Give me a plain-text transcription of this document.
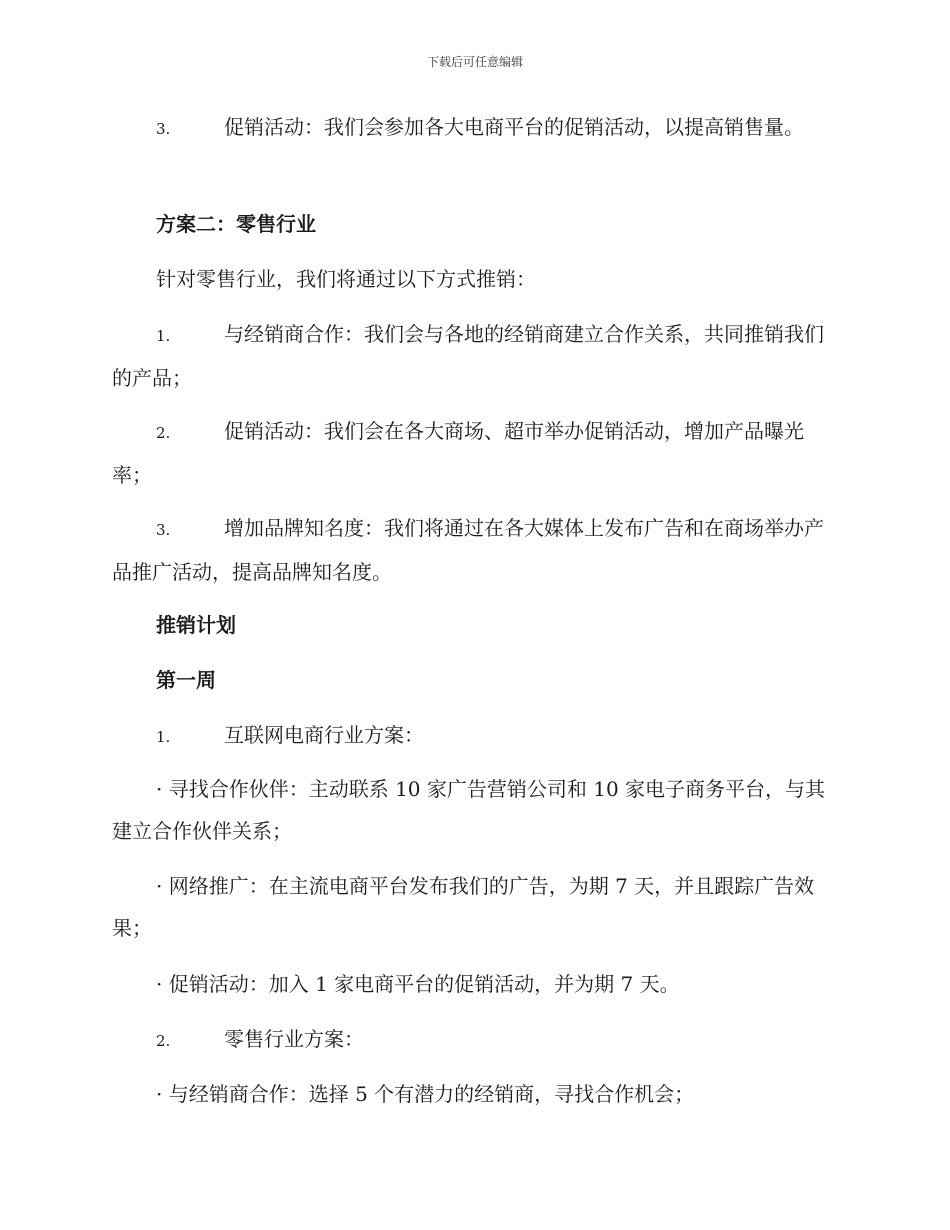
下载后可任意编辑

3.	促销活动：我们会参加各大电商平台的促销活动，以提高销售量。

方案二：零售行业

针对零售行业，我们将通过以下方式推销：

1.	与经销商合作：我们会与各地的经销商建立合作关系，共同推销我们的产品；

2.	促销活动：我们会在各大商场、超市举办促销活动，增加产品曝光率；

3.	增加品牌知名度：我们将通过在各大媒体上发布广告和在商场举办产品推广活动，提高品牌知名度。

推销计划

第一周

1.	互联网电商行业方案：

· 寻找合作伙伴：主动联系 10 家广告营销公司和 10 家电子商务平台，与其建立合作伙伴关系；

· 网络推广：在主流电商平台发布我们的广告，为期 7 天，并且跟踪广告效果；

· 促销活动：加入 1 家电商平台的促销活动，并为期 7 天。

2.	零售行业方案：

· 与经销商合作：选择 5 个有潜力的经销商，寻找合作机会；
